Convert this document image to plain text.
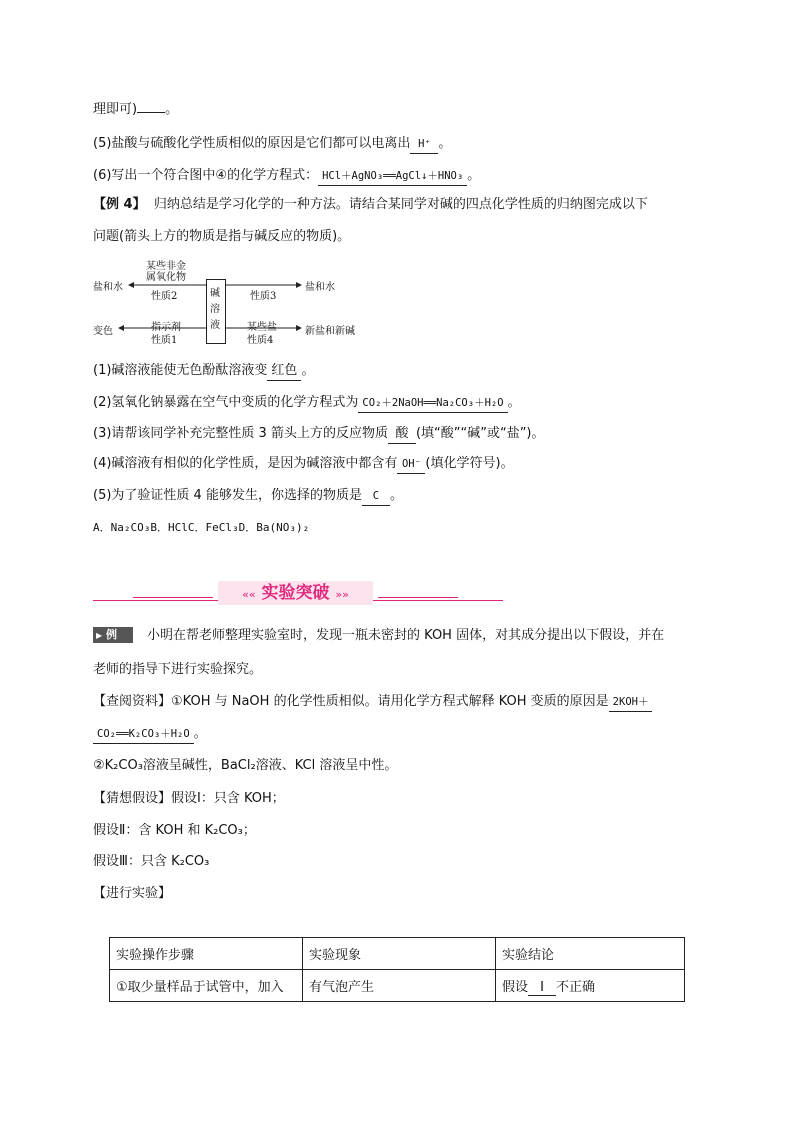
理即可) 。
(5)盐酸与硫酸化学性质相似的原因是它们都可以电离出 H⁺ 。
(6)写出一个符合图中④的化学方程式： HCl＋AgNO₃══AgCl↓＋HNO₃ 。
【例 4】 归纳总结是学习化学的一种方法。请结合某同学对碱的四点化学性质的归纳图完成以下
问题(箭头上方的物质是指与碱反应的物质)。
盐和水
变色
盐和水
新盐和新碱
某些非金
属氧化物
性质2	性质3
指示剂
性质1
某些盐
性质4
碱溶液
(1)碱溶液能使无色酚酞溶液变 红色 。
(2)氢氧化钠暴露在空气中变质的化学方程式为 CO₂＋2NaOH══Na₂CO₃＋H₂O 。
(3)请帮该同学补充完整性质 3 箭头上方的反应物质 酸 (填“酸”“碱”或“盐”)。
(4)碱溶液有相似的化学性质，是因为碱溶液中都含有 OH⁻ (填化学符号)。
(5)为了验证性质 4 能够发生，你选择的物质是 C 。
A．Na₂CO₃B．HClC．FeCl₃D．Ba(NO₃)₂
«« 实验突破 »»
▶ 例	小明在帮老师整理实验室时，发现一瓶未密封的 KOH 固体，对其成分提出以下假设，并在
老师的指导下进行实验探究。
【查阅资料】①KOH 与 NaOH 的化学性质相似。请用化学方程式解释 KOH 变质的原因是 2KOH＋
CO₂══K₂CO₃＋H₂O 。
②K₂CO₃溶液呈碱性，BaCl₂溶液、KCl 溶液呈中性。
【猜想假设】假设Ⅰ：只含 KOH；
假设Ⅱ：含 KOH 和 K₂CO₃；
假设Ⅲ：只含 K₂CO₃
【进行实验】
实验操作步骤	实验现象	实验结论
①取少量样品于试管中，加入	有气泡产生	假设 Ⅰ 不正确
